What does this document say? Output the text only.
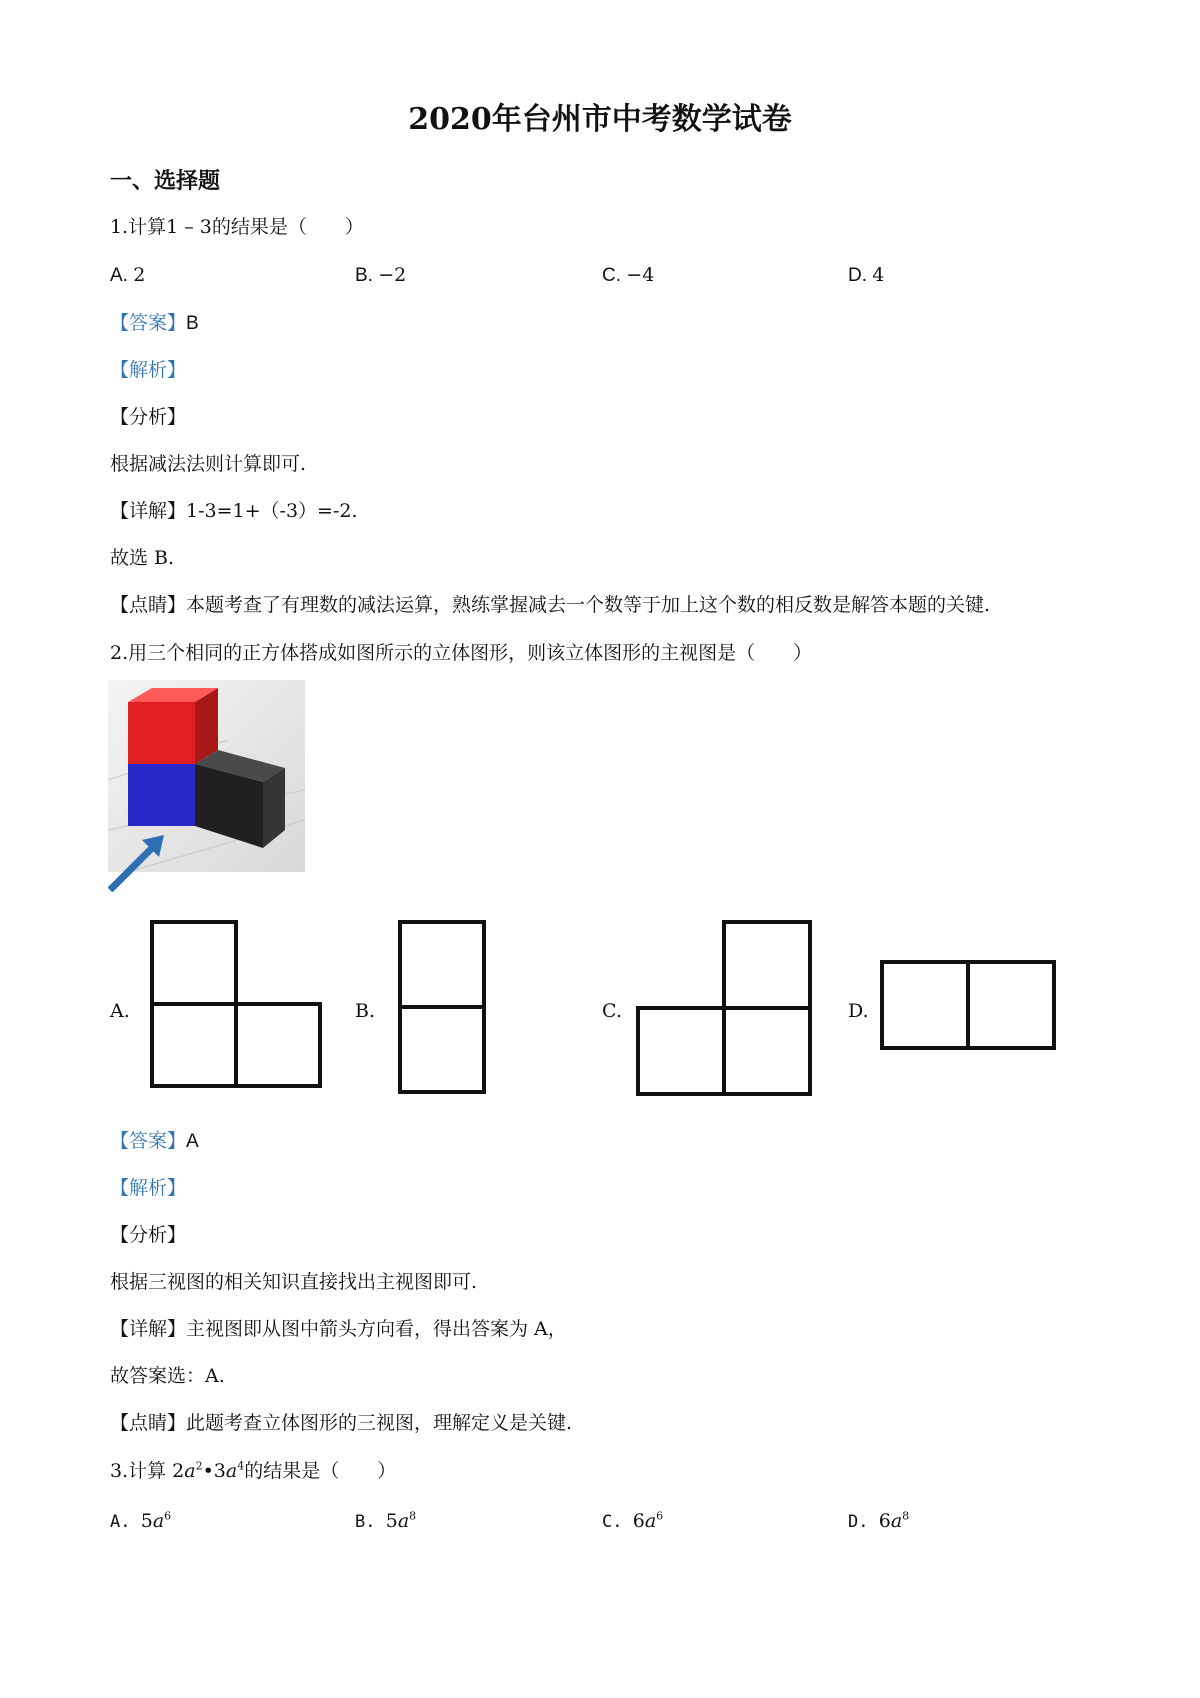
2020年台州市中考数学试卷
一、选择题
1.计算1 – 3的结果是（　　）
A. 2	B. −2	C. −4	D. 4
【答案】B
【解析】
【分析】
根据减法法则计算即可.
【详解】1-3=1+（-3）=-2.
故选 B.
【点睛】本题考查了有理数的减法运算，熟练掌握减去一个数等于加上这个数的相反数是解答本题的关键.
2.用三个相同的正方体搭成如图所示的立体图形，则该立体图形的主视图是（　　）
A.	B.	C.	D.
【答案】A
【解析】
【分析】
根据三视图的相关知识直接找出主视图即可.
【详解】主视图即从图中箭头方向看，得出答案为 A，
故答案选：A.
【点睛】此题考查立体图形的三视图，理解定义是关键.
3.计算 $2a^2•3a^4$的结果是（　　）
A. $5a^6$	B. $5a^8$	C. $6a^6$	D. $6a^8$
